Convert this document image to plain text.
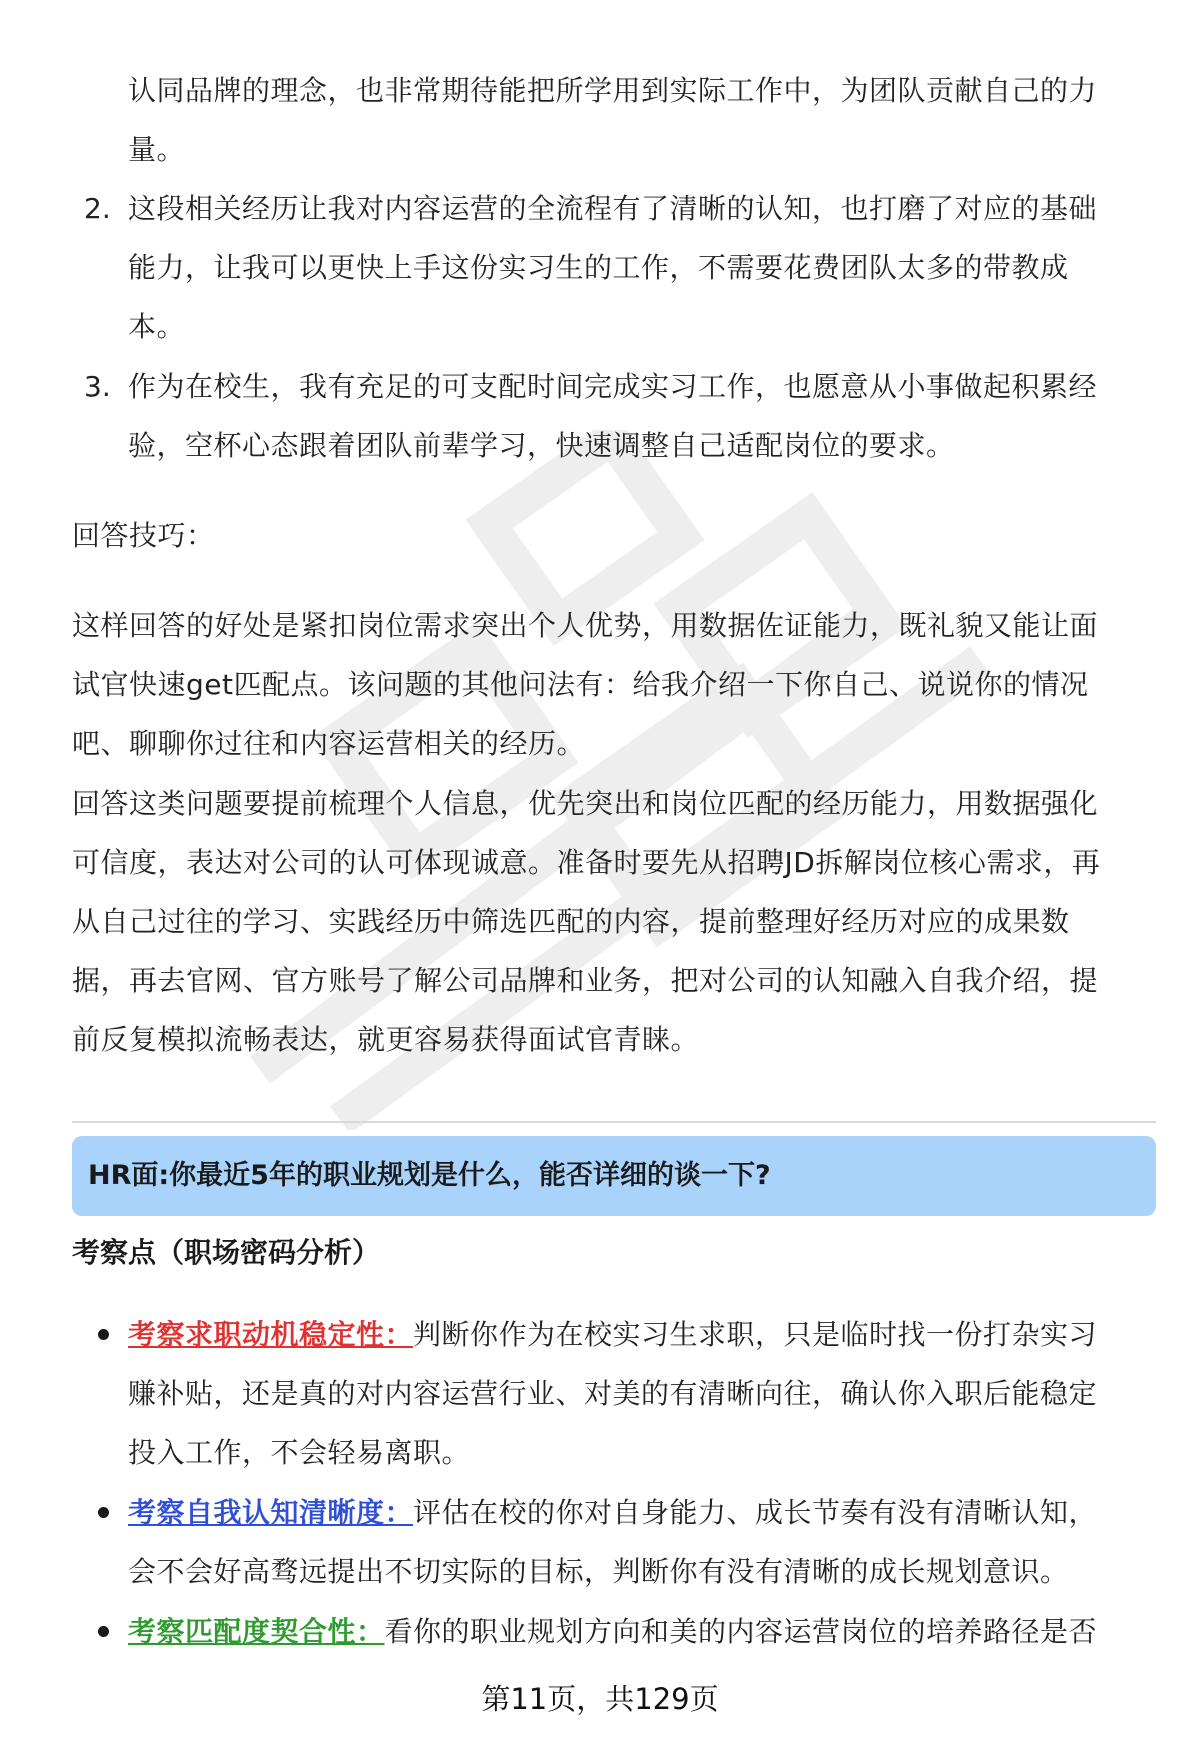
认同品牌的理念，也非常期待能把所学用到实际工作中，为团队贡献自己的力

量。

2. 这段相关经历让我对内容运营的全流程有了清晰的认知，也打磨了对应的基础

能力，让我可以更快上手这份实习生的工作，不需要花费团队太多的带教成

本。

3. 作为在校生，我有充足的可支配时间完成实习工作，也愿意从小事做起积累经

验，空杯心态跟着团队前辈学习，快速调整自己适配岗位的要求。

回答技巧：

这样回答的好处是紧扣岗位需求突出个人优势，用数据佐证能力，既礼貌又能让面

试官快速get匹配点。该问题的其他问法有：给我介绍一下你自己、说说你的情况

吧、聊聊你过往和内容运营相关的经历。

回答这类问题要提前梳理个人信息，优先突出和岗位匹配的经历能力，用数据强化

可信度，表达对公司的认可体现诚意。准备时要先从招聘JD拆解岗位核心需求，再

从自己过往的学习、实践经历中筛选匹配的内容，提前整理好经历对应的成果数

据，再去官网、官方账号了解公司品牌和业务，把对公司的认知融入自我介绍，提

前反复模拟流畅表达，就更容易获得面试官青睐。

HR面:你最近5年的职业规划是什么，能否详细的谈一下?
考察点（职场密码分析）

考察求职动机稳定性：判断你作为在校实习生求职，只是临时找一份打杂实习

赚补贴，还是真的对内容运营行业、对美的有清晰向往，确认你入职后能稳定

投入工作，不会轻易离职。

考察自我认知清晰度：评估在校的你对自身能力、成长节奏有没有清晰认知，

会不会好高骛远提出不切实际的目标，判断你有没有清晰的成长规划意识。

考察匹配度契合性：看你的职业规划方向和美的内容运营岗位的培养路径是否

第11页，共129页
